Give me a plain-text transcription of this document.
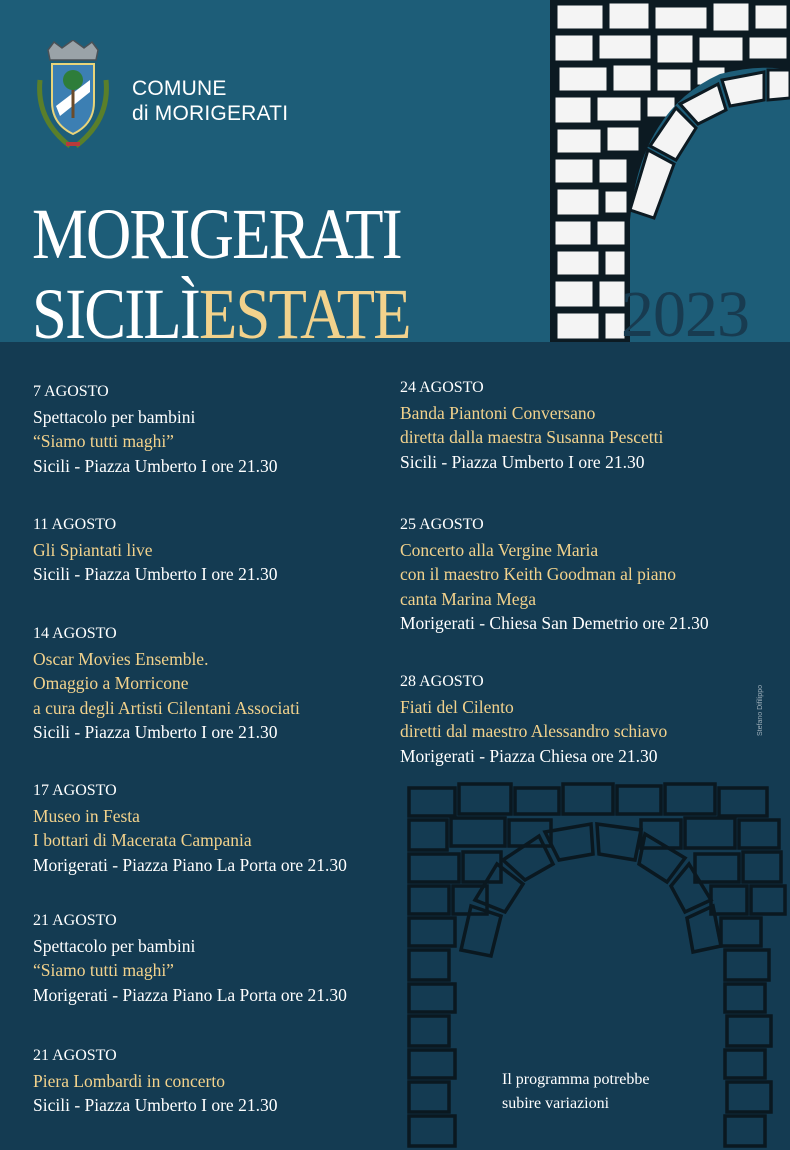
COMUNE
di MORIGERATI
MORIGERATI
SICILÌESTATE	2023
7 AGOSTO
Spettacolo per bambini
“Siamo tutti maghi”
Sicili - Piazza Umberto I ore 21.30
11 AGOSTO
Gli Spiantati live
Sicili - Piazza Umberto I ore 21.30
14 AGOSTO
Oscar Movies Ensemble.
Omaggio a Morricone
a cura degli Artisti Cilentani Associati
Sicili - Piazza Umberto I ore 21.30
17 AGOSTO
Museo in Festa
I bottari di Macerata Campania
Morigerati - Piazza Piano La Porta ore 21.30
21 AGOSTO
Spettacolo per bambini
“Siamo tutti maghi”
Morigerati - Piazza Piano La Porta ore 21.30
21 AGOSTO
Piera Lombardi in concerto
Sicili - Piazza Umberto I ore 21.30
24 AGOSTO
Banda Piantoni Conversano
diretta dalla maestra Susanna Pescetti
Sicili - Piazza Umberto I ore 21.30
25 AGOSTO
Concerto alla Vergine Maria
con il maestro Keith Goodman al piano
canta Marina Mega
Morigerati - Chiesa San Demetrio ore 21.30
28 AGOSTO
Fiati del Cilento
diretti dal maestro Alessandro schiavo
Morigerati - Piazza Chiesa ore 21.30
Stefano Difilippo
Il programma potrebbe
subire variazioni
